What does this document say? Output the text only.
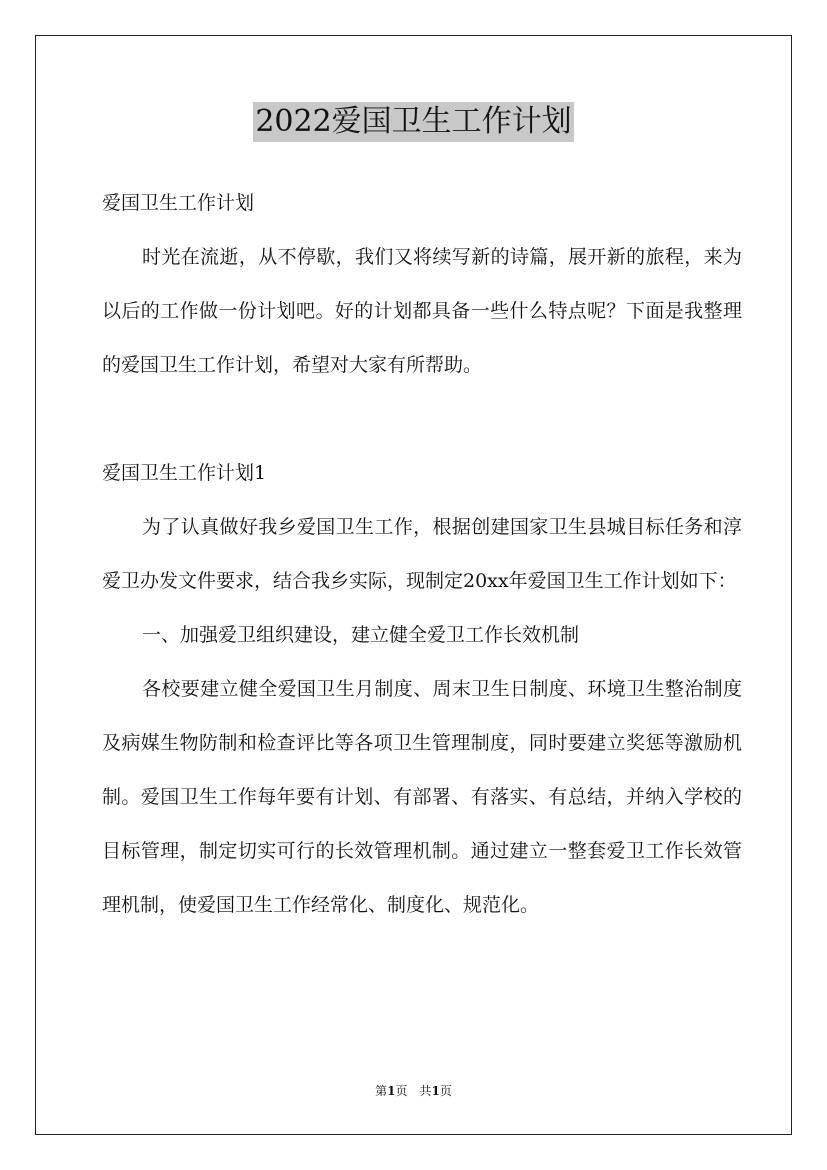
2022爱国卫生工作计划

爱国卫生工作计划

时光在流逝，从不停歇，我们又将续写新的诗篇，展开新的旅程，来为以后的工作做一份计划吧。好的计划都具备一些什么特点呢？下面是我整理的爱国卫生工作计划，希望对大家有所帮助。

爱国卫生工作计划1

为了认真做好我乡爱国卫生工作，根据创建国家卫生县城目标任务和淳爱卫办发文件要求，结合我乡实际，现制定20xx年爱国卫生工作计划如下：

一、加强爱卫组织建设，建立健全爱卫工作长效机制

各校要建立健全爱国卫生月制度、周末卫生日制度、环境卫生整治制度及病媒生物防制和检查评比等各项卫生管理制度，同时要建立奖惩等激励机制。爱国卫生工作每年要有计划、有部署、有落实、有总结，并纳入学校的目标管理，制定切实可行的长效管理机制。通过建立一整套爱卫工作长效管理机制，使爱国卫生工作经常化、制度化、规范化。

第1页　共1页
